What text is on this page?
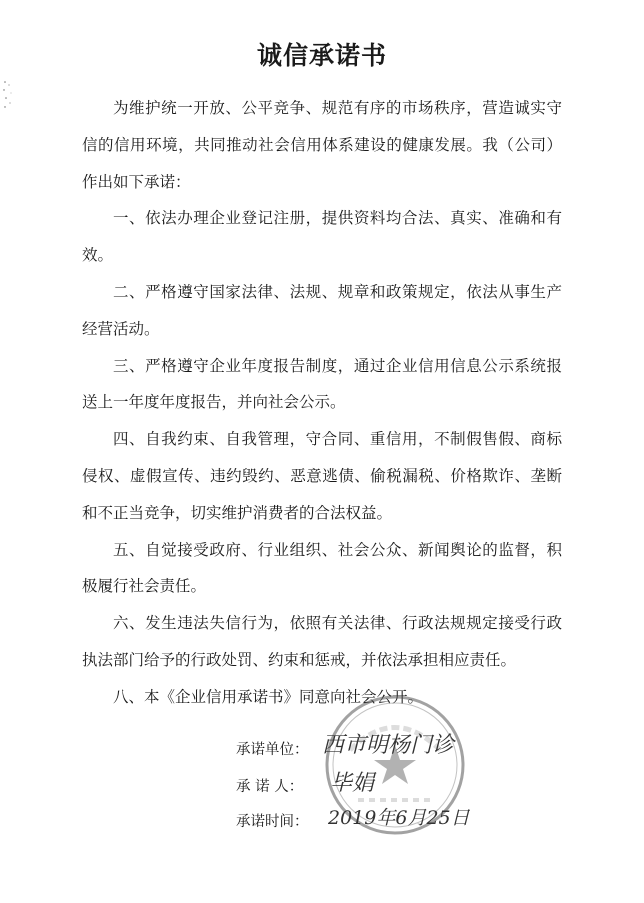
诚信承诺书

为维护统一开放、公平竞争、规范有序的市场秩序，营造诚实守信的信用环境，共同推动社会信用体系建设的健康发展。我（公司）作出如下承诺：

一、依法办理企业登记注册，提供资料均合法、真实、准确和有效。

二、严格遵守国家法律、法规、规章和政策规定，依法从事生产经营活动。

三、严格遵守企业年度报告制度，通过企业信用信息公示系统报送上一年度年度报告，并向社会公示。

四、自我约束、自我管理，守合同、重信用，不制假售假、商标侵权、虚假宣传、违约毁约、恶意逃债、偷税漏税、价格欺诈、垄断和不正当竞争，切实维护消费者的合法权益。

五、自觉接受政府、行业组织、社会公众、新闻舆论的监督，积极履行社会责任。

六、发生违法失信行为，依照有关法律、行政法规规定接受行政执法部门给予的行政处罚、约束和惩戒，并依法承担相应责任。

八、本《企业信用承诺书》同意向社会公开。

承诺单位： 西市明杨门诊
承 诺 人：	毕娟
承诺时间：	2019年6月25日
